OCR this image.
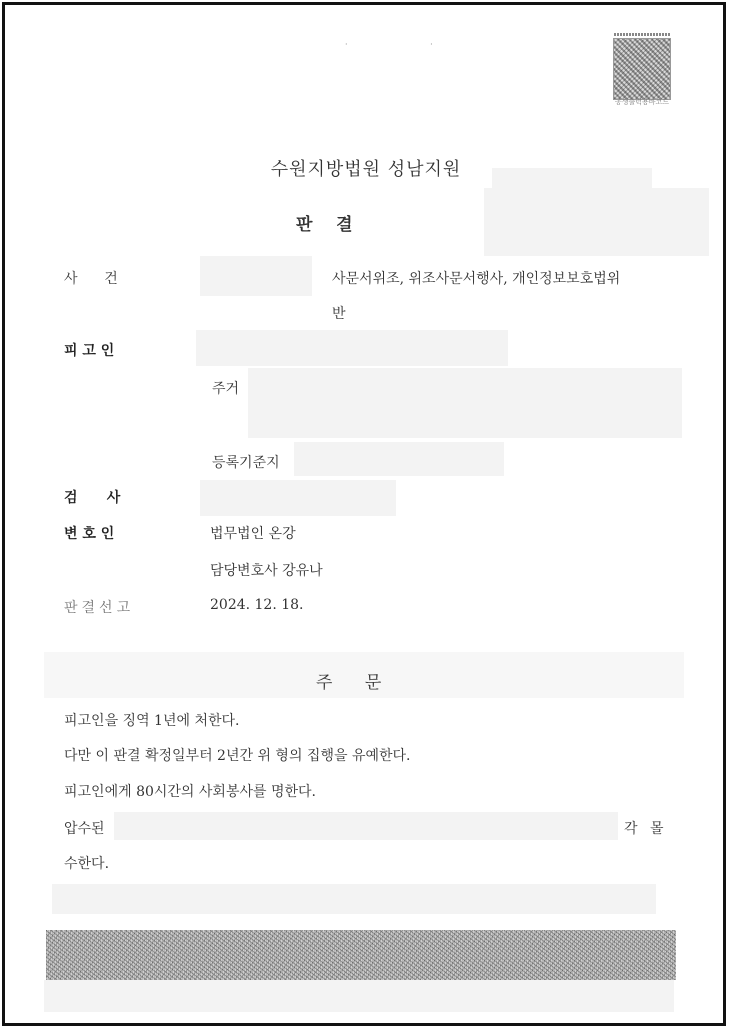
· ·
공생출력용바코드
수원지방법원 성남지원
판    결
사      건	사문서위조, 위조사문서행사, 개인정보보호법위
반
피 고 인
주거
등록기준지
검      사
변 호 인	법무법인 온강
담당변호사 강유나
판결선고	2024. 12. 18.
주      문
피고인을 징역 1년에 처한다.
다만 이 판결 확정일부터 2년간 위 형의 집행을 유예한다.
피고인에게 80시간의 사회봉사를 명한다.
압수된	각 몰
수한다.
